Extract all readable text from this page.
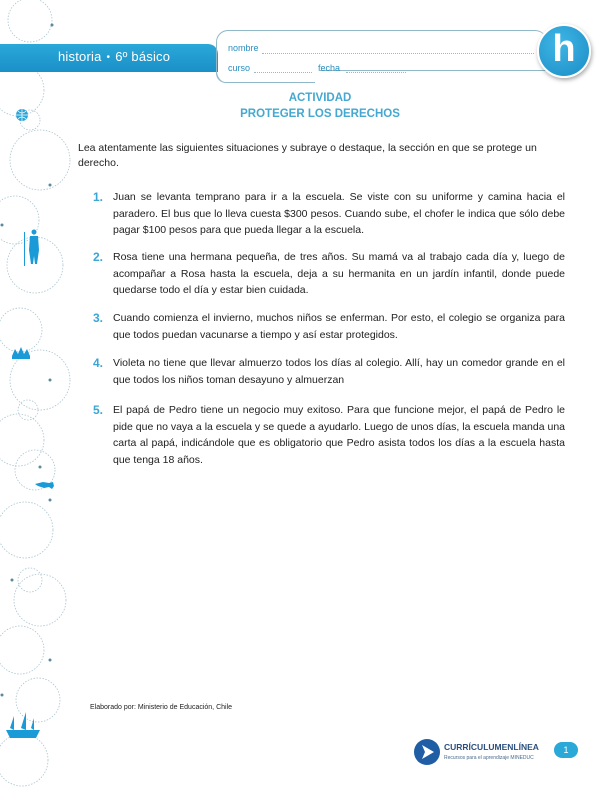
historia • 6º básico
nombre
curso	fecha	h
ACTIVIDAD
PROTEGER LOS DERECHOS
Lea atentamente las siguientes situaciones y subraye o destaque, la sección en que se protege un derecho.
1. Juan se levanta temprano para ir a la escuela. Se viste con su uniforme y camina hacia el paradero. El bus que lo lleva cuesta $300 pesos. Cuando sube, el chofer le indica que sólo debe pagar $100 pesos para que pueda llegar a la escuela.
2. Rosa tiene una hermana pequeña, de tres años. Su mamá va al trabajo cada día y, luego de acompañar a Rosa hasta la escuela, deja a su hermanita en un jardín infantil, donde puede quedarse todo el día y estar bien cuidada.
3. Cuando comienza el invierno, muchos niños se enferman. Por esto, el colegio se organiza para que todos puedan vacunarse a tiempo y así estar protegidos.
4. Violeta no tiene que llevar almuerzo todos los días al colegio. Allí, hay un comedor grande en el que todos los niños toman desayuno y almuerzan
5. El papá de Pedro tiene un negocio muy exitoso. Para que funcione mejor, el papá de Pedro le pide que no vaya a la escuela y se quede a ayudarlo. Luego de unos días, la escuela manda una carta al papá, indicándole que es obligatorio que Pedro asista todos los días a la escuela hasta que tenga 18 años.
Elaborado por: Ministerio de Educación, Chile
CURRÍCULUMENLÍNEA
Recursos para el aprendizaje MINEDUC
1
